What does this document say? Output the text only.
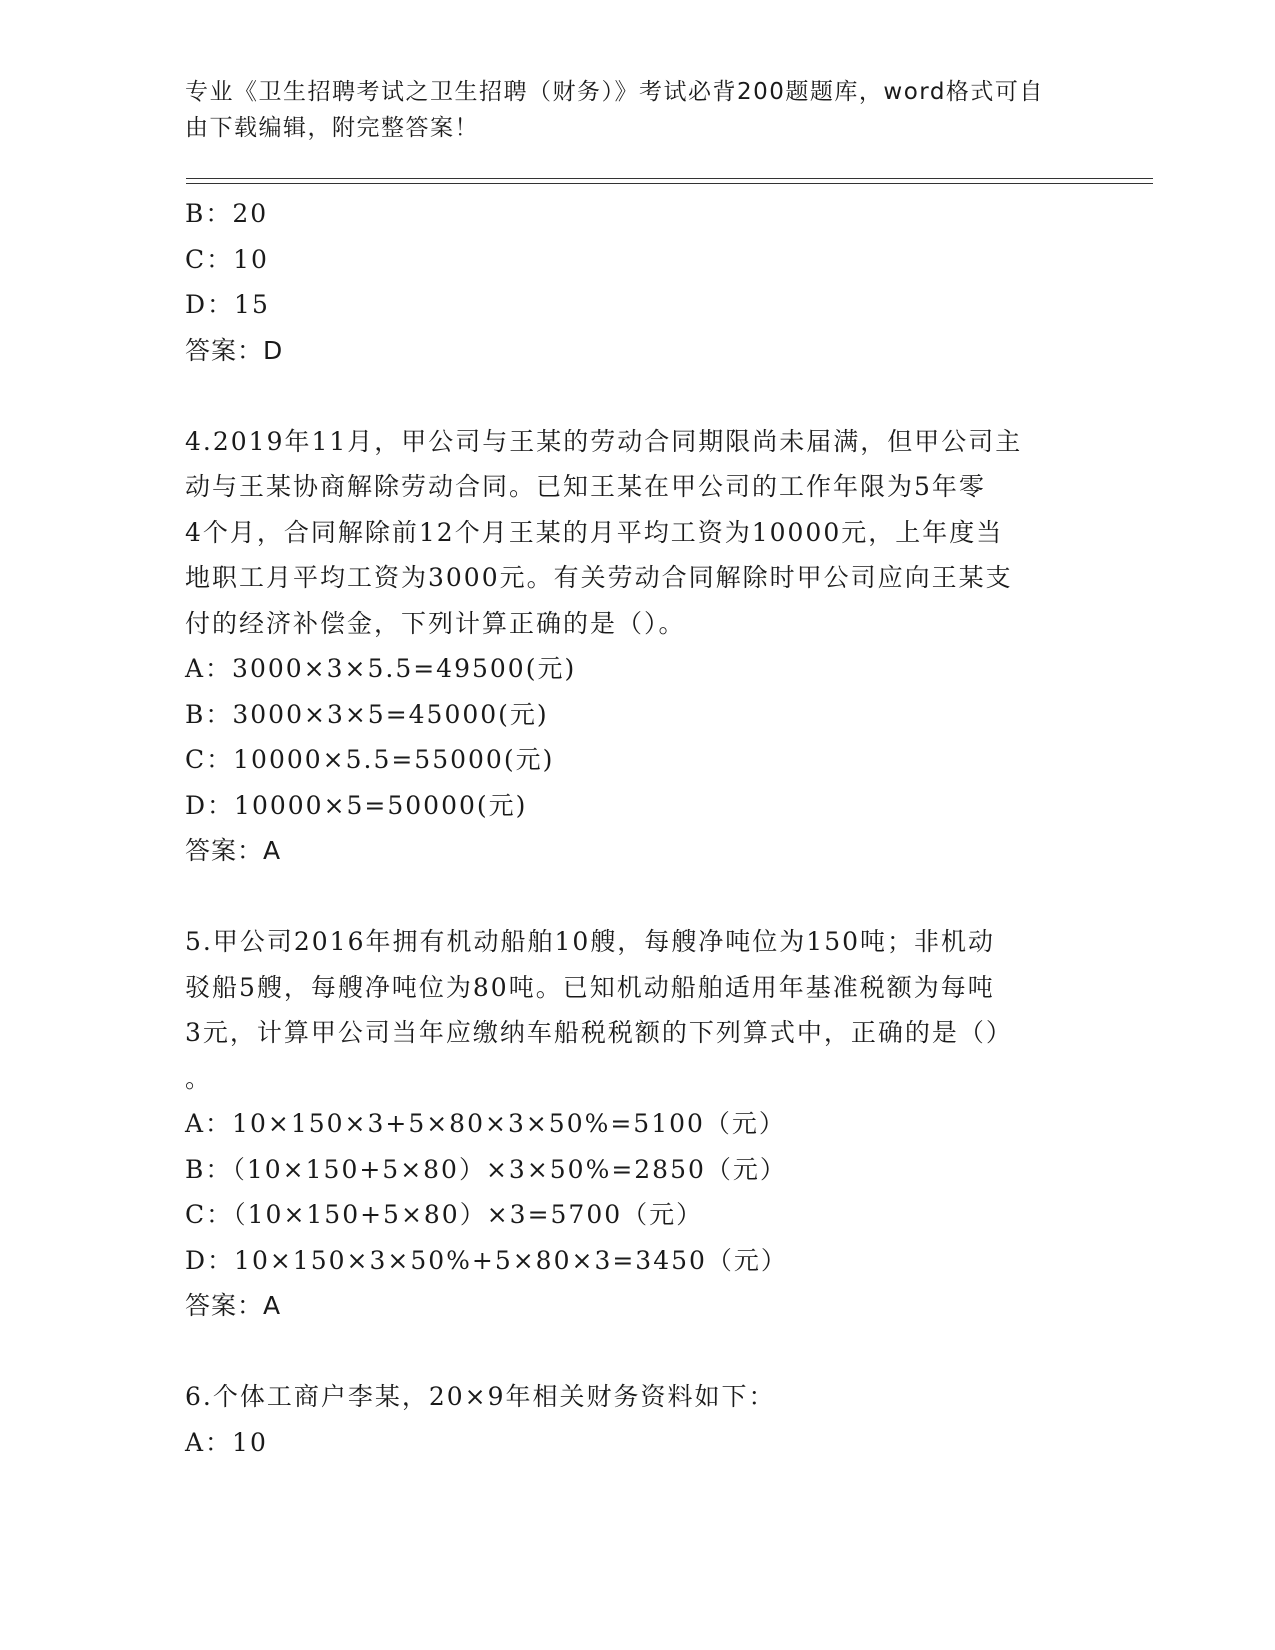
专业《卫生招聘考试之卫生招聘（财务）》考试必背200题题库，word格式可自
由下载编辑，附完整答案！
B：20
C：10
D：15
答案：D
4.2019年11月，甲公司与王某的劳动合同期限尚未届满，但甲公司主
动与王某协商解除劳动合同。已知王某在甲公司的工作年限为5年零
4个月，合同解除前12个月王某的月平均工资为10000元，上年度当
地职工月平均工资为3000元。有关劳动合同解除时甲公司应向王某支
付的经济补偿金，下列计算正确的是（）。
A：3000×3×5.5=49500(元)
B：3000×3×5=45000(元)
C：10000×5.5=55000(元)
D：10000×5=50000(元)
答案：A
5.甲公司2016年拥有机动船舶10艘，每艘净吨位为150吨；非机动
驳船5艘，每艘净吨位为80吨。已知机动船舶适用年基准税额为每吨
3元，计算甲公司当年应缴纳车船税税额的下列算式中，正确的是（）
。
A：10×150×3+5×80×3×50%=5100（元）
B：（10×150+5×80）×3×50%=2850（元）
C：（10×150+5×80）×3=5700（元）
D：10×150×3×50%+5×80×3=3450（元）
答案：A
6.个体工商户李某，20×9年相关财务资料如下：
A：10
